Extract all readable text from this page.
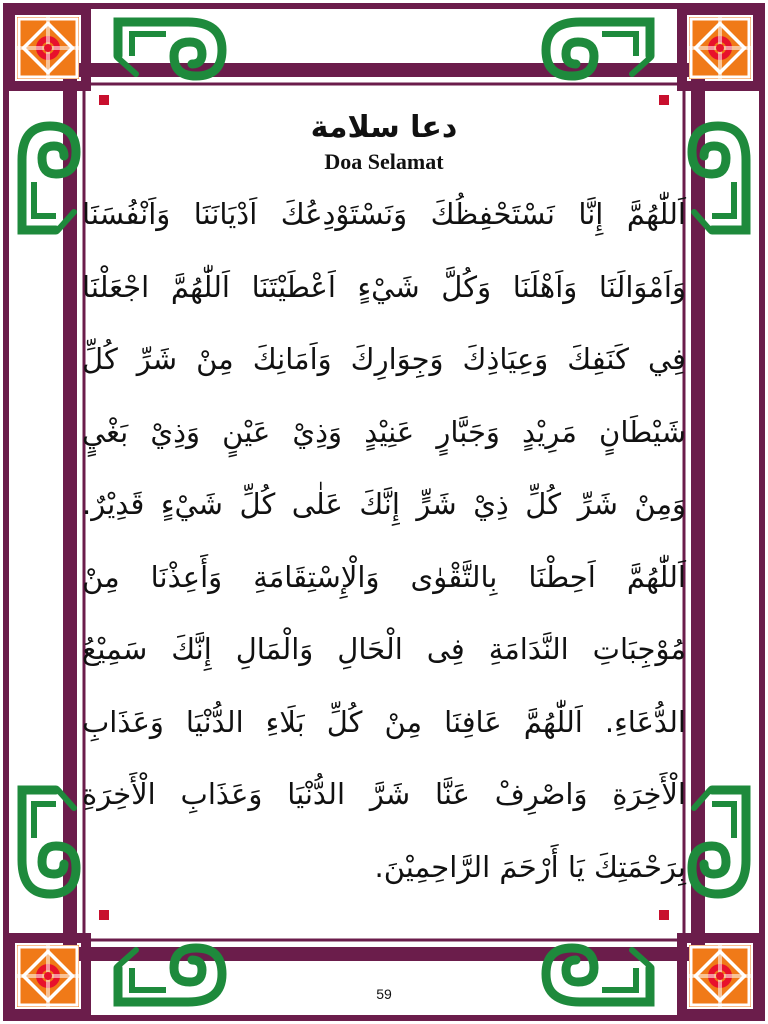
دعا سلامة
Doa Selamat
اَللّٰهُمَّ إِنَّا نَسْتَحْفِظُكَ وَنَسْتَوْدِعُكَ اَدْيَانَنَا وَاَنْفُسَنَا
وَاَمْوَالَنَا وَاَهْلَنَا وَكُلَّ شَيْءٍ اَعْطَيْتَنَا اَللّٰهُمَّ اجْعَلْنَا
فِي كَنَفِكَ وَعِيَاذِكَ وَجِوَارِكَ وَاَمَانِكَ مِنْ شَرِّ كُلِّ
شَيْطَانٍ مَرِيْدٍ وَجَبَّارٍ عَنِيْدٍ وَذِيْ عَيْنٍ وَذِيْ بَغْيٍ
وَمِنْ شَرِّ كُلِّ ذِيْ شَرٍّ إِنَّكَ عَلٰى كُلِّ شَيْءٍ قَدِيْرٌ.
اَللّٰهُمَّ اَحِطْنَا بِالتَّقْوٰى وَالْإِسْتِقَامَةِ وَأَعِذْنَا مِنْ
مُوْجِبَاتِ النَّدَامَةِ فِى الْحَالِ وَالْمَالِ إِنَّكَ سَمِيْعُ
الدُّعَاءِ. اَللّٰهُمَّ عَافِنَا مِنْ كُلِّ بَلَاءِ الدُّنْيَا وَعَذَابِ
الْأَخِرَةِ وَاصْرِفْ عَنَّا شَرَّ الدُّنْيَا وَعَذَابِ الْأَخِرَةِ
بِرَحْمَتِكَ يَا أَرْحَمَ الرَّاحِمِيْنَ.
59
